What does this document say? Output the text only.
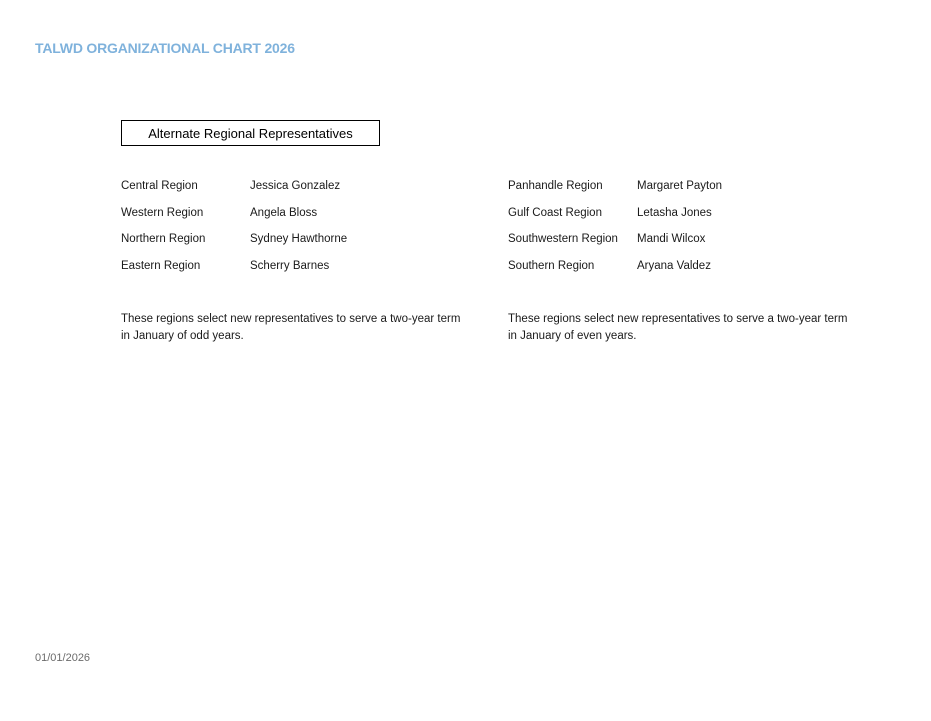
TALWD ORGANIZATIONAL CHART 2026
Alternate Regional Representatives
Central Region	Jessica Gonzalez
Western Region	Angela Bloss
Northern Region	Sydney Hawthorne
Eastern Region	Scherry Barnes
Panhandle Region	Margaret Payton
Gulf Coast Region	Letasha Jones
Southwestern Region Mandi Wilcox
Southern Region	Aryana Valdez
These regions select new representatives to serve a two-year term in January of odd years.
These regions select new representatives to serve a two-year term in January of even years.
01/01/2026
